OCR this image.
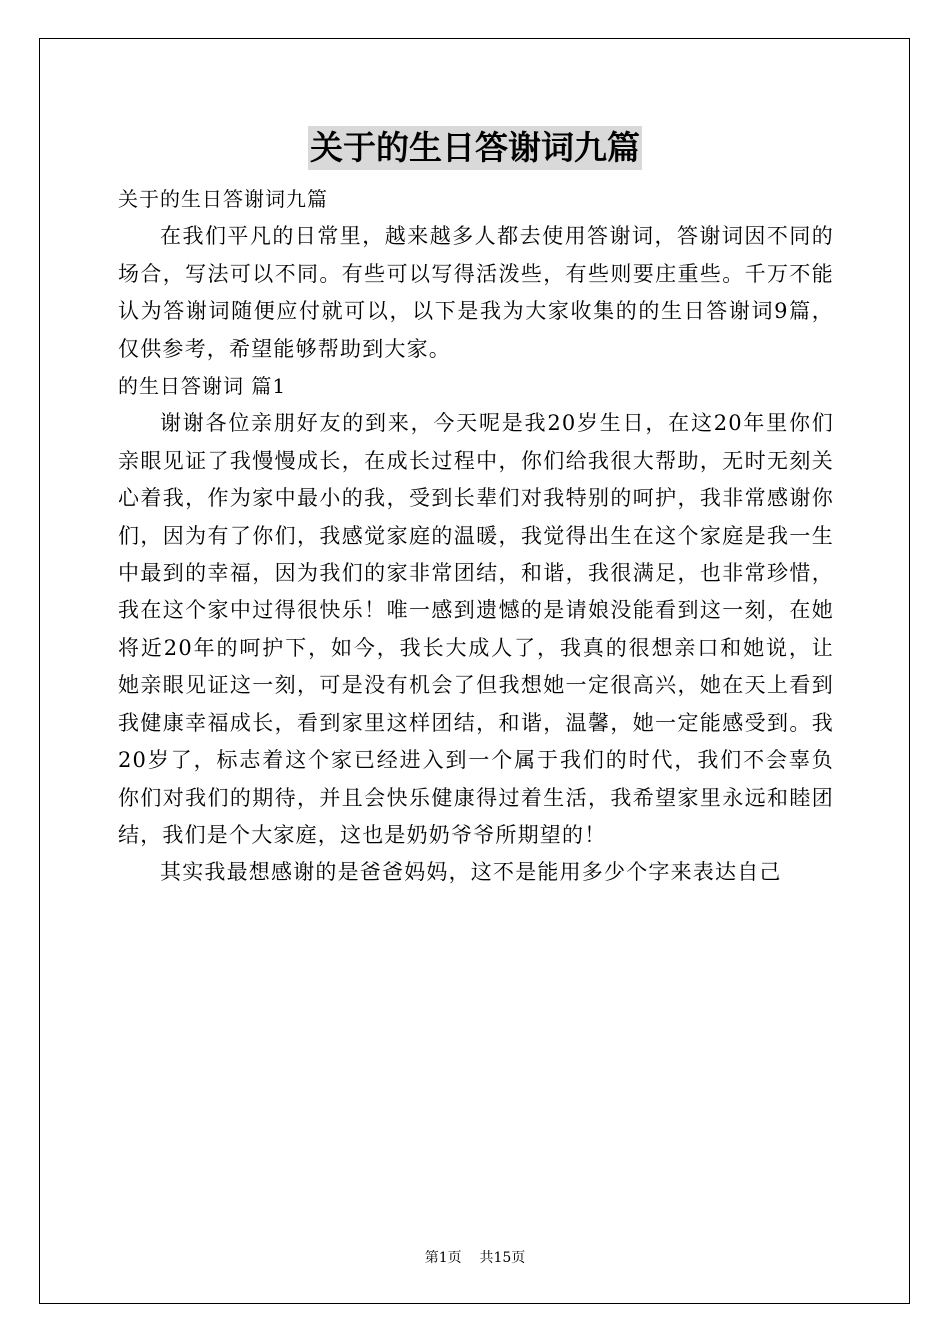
关于的生日答谢词九篇

关于的生日答谢词九篇

在我们平凡的日常里，越来越多人都去使用答谢词，答谢词因不同的场合，写法可以不同。有些可以写得活泼些，有些则要庄重些。千万不能认为答谢词随便应付就可以，以下是我为大家收集的的生日答谢词9篇，仅供参考，希望能够帮助到大家。

的生日答谢词 篇1

谢谢各位亲朋好友的到来，今天呢是我20岁生日，在这20年里你们亲眼见证了我慢慢成长，在成长过程中，你们给我很大帮助，无时无刻关心着我，作为家中最小的我，受到长辈们对我特别的呵护，我非常感谢你们，因为有了你们，我感觉家庭的温暖，我觉得出生在这个家庭是我一生中最到的幸福，因为我们的家非常团结，和谐，我很满足，也非常珍惜，我在这个家中过得很快乐！唯一感到遗憾的是请娘没能看到这一刻，在她将近20年的呵护下，如今，我长大成人了，我真的很想亲口和她说，让她亲眼见证这一刻，可是没有机会了但我想她一定很高兴，她在天上看到我健康幸福成长，看到家里这样团结，和谐，温馨，她一定能感受到。我20岁了，标志着这个家已经进入到一个属于我们的时代，我们不会辜负你们对我们的期待，并且会快乐健康得过着生活，我希望家里永远和睦团结，我们是个大家庭，这也是奶奶爷爷所期望的！

其实我最想感谢的是爸爸妈妈，这不是能用多少个字来表达自己

第1页 共15页
